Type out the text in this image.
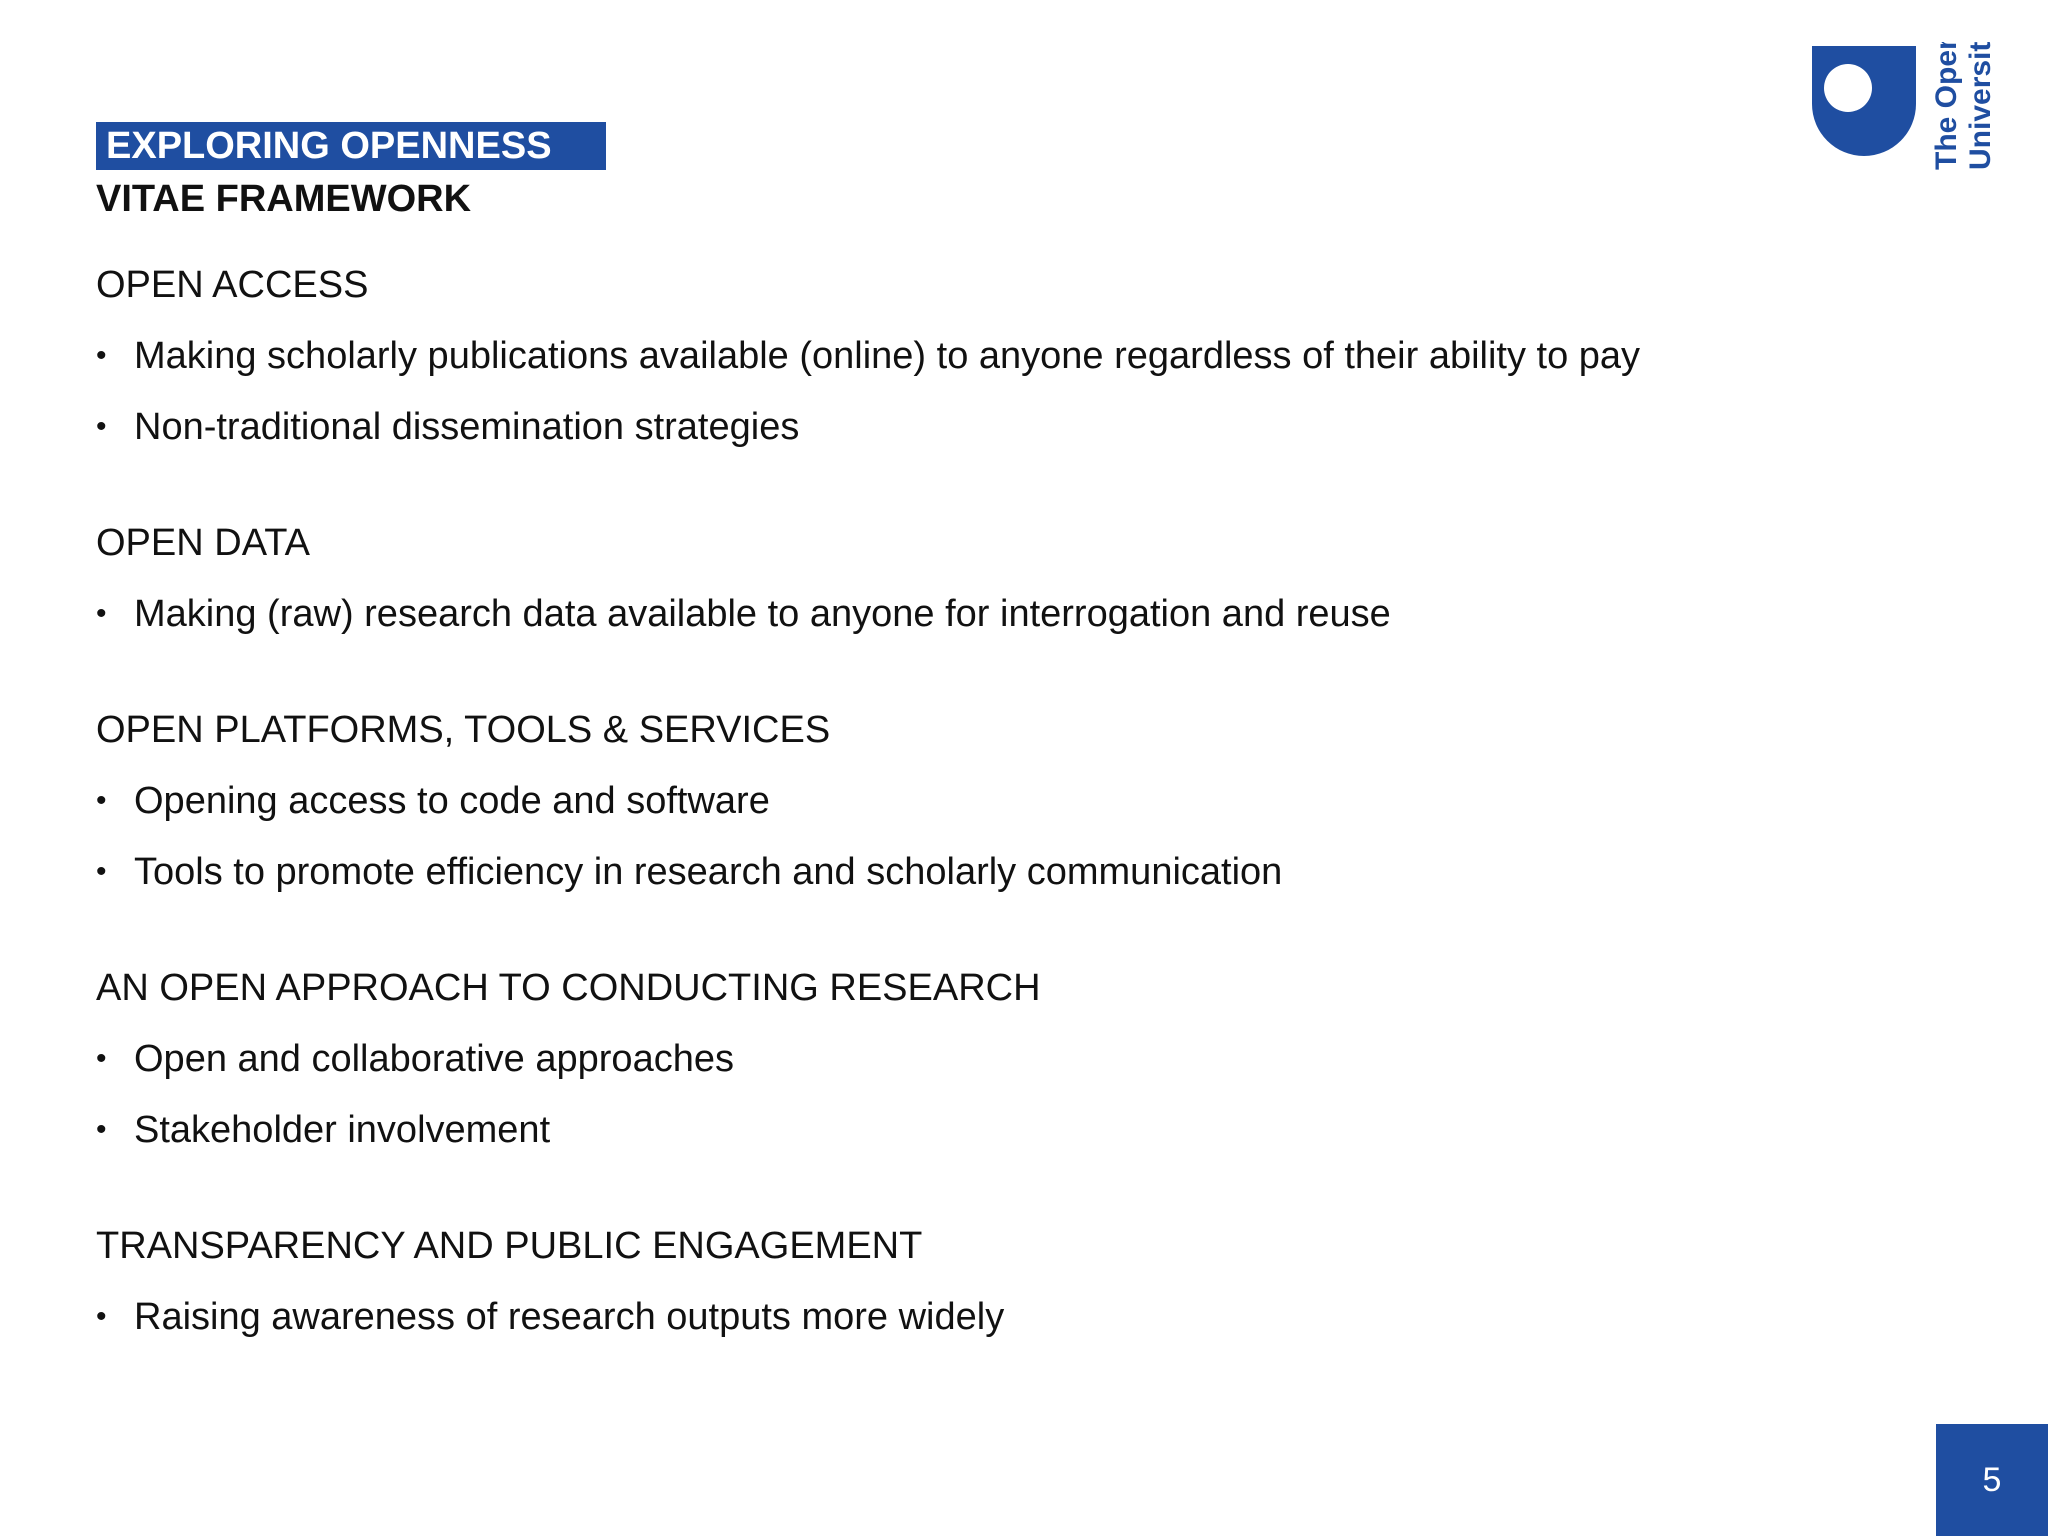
EXPLORING OPENNESS
VITAE FRAMEWORK
The Open University
OPEN ACCESS
• Making scholarly publications available (online) to anyone regardless of their ability to pay
• Non-traditional dissemination strategies
OPEN DATA
• Making (raw) research data available to anyone for interrogation and reuse
OPEN PLATFORMS, TOOLS & SERVICES
• Opening access to code and software
• Tools to promote efficiency in research and scholarly communication
AN OPEN APPROACH TO CONDUCTING RESEARCH
• Open and collaborative approaches
• Stakeholder involvement
TRANSPARENCY AND PUBLIC ENGAGEMENT
• Raising awareness of research outputs more widely
5
